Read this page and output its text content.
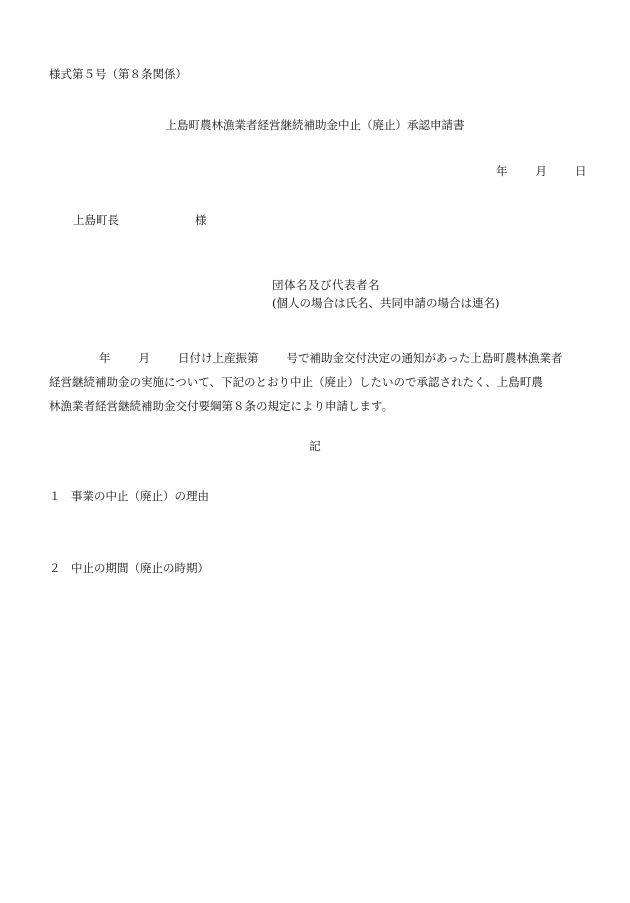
様式第５号（第８条関係）
上島町農林漁業者経営継続補助金中止（廃止）承認申請書
年 月 日
上島町長	様
団体名及び代表者名
(個人の場合は氏名、共同申請の場合は連名)
年 月 日付け上産振第 号で補助金交付決定の通知があった上島町農林漁業者
経営継続補助金の実施について、下記のとおり中止（廃止）したいので承認されたく、上島町農
林漁業者経営継続補助金交付要綱第８条の規定により申請します。
記
１ 事業の中止（廃止）の理由
２ 中止の期間（廃止の時期）
